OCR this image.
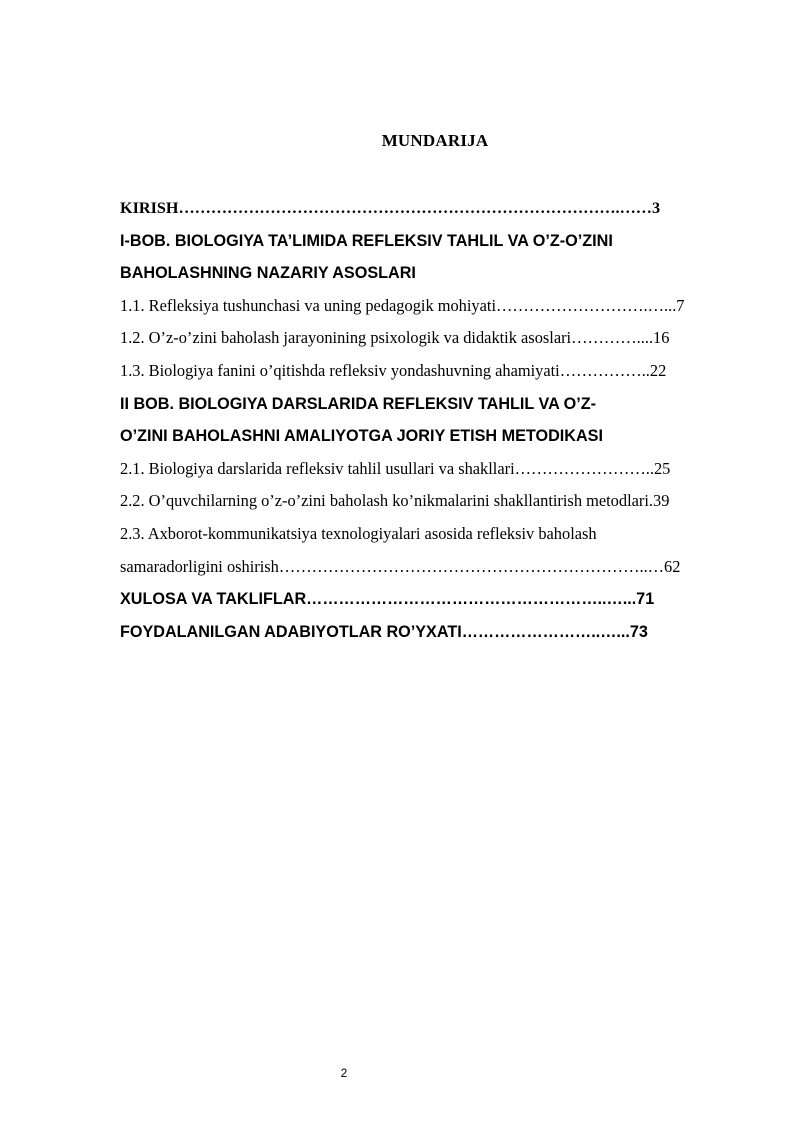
MUNDARIJA
KIRISH……………………………………………………………………….……3
I-BOB. BIOLOGIYA TA’LIMIDA REFLEKSIV TAHLIL VA O’Z-O’ZINI
BAHOLASHNING NAZARIY ASOSLARI
1.1. Refleksiya tushunchasi va uning pedagogik mohiyati……………………….…...7
1.2. O’z-o’zini baholash jarayonining psixologik va didaktik asoslari…………....16
1.3. Biologiya fanini o’qitishda refleksiv yondashuvning ahamiyati……………..22
II BOB. BIOLOGIYA DARSLARIDA REFLEKSIV TAHLIL VA O’Z-
O’ZINI BAHOLASHNI AMALIYOTGA JORIY ETISH METODIKASI
2.1. Biologiya darslarida refleksiv tahlil usullari va shakllari……………………..25
2.2. O’quvchilarning o’z-o’zini baholash ko’nikmalarini shakllantirish metodlari.39
2.3. Axborot-kommunikatsiya texnologiyalari asosida refleksiv baholash
samaradorligini oshirish…………………………………………………………..…62
XULOSA VA TAKLIFLAR………………………………………………..…...71
FOYDALANILGAN ADABIYOTLAR RO’YXATI……………………..…...73
2
